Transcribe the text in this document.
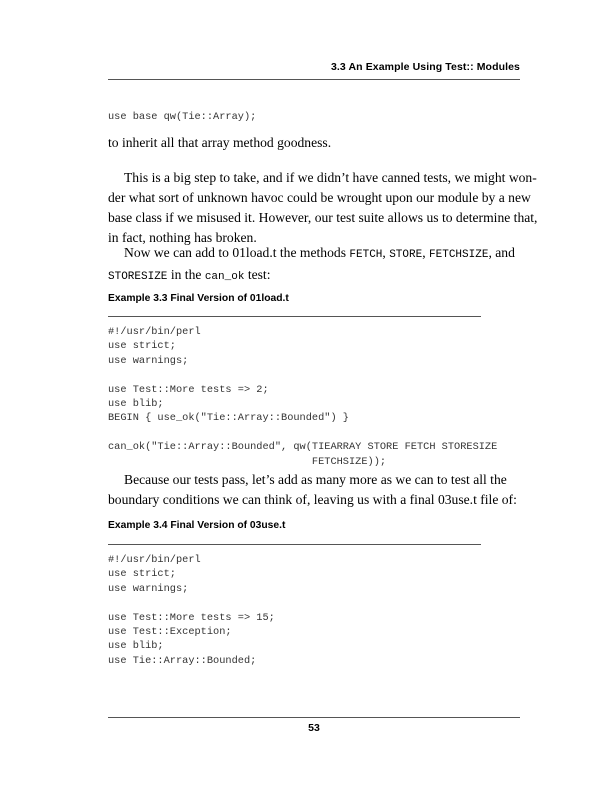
3.3 An Example Using Test:: Modules
use base qw(Tie::Array);

to inherit all that array method goodness.

This is a big step to take, and if we didn’t have canned tests, we might won-
der what sort of unknown havoc could be wrought upon our module by a new
base class if we misused it. However, our test suite allows us to determine that,
in fact, nothing has broken.

Now we can add to 01load.t the methods FETCH, STORE, FETCHSIZE, and
STORESIZE in the can_ok test:

Example 3.3 Final Version of 01load.t
#!/usr/bin/perl
use strict;
use warnings;

use Test::More tests => 2;
use blib;
BEGIN { use_ok("Tie::Array::Bounded") }

can_ok("Tie::Array::Bounded", qw(TIEARRAY STORE FETCH STORESIZE
FETCHSIZE));

Because our tests pass, let’s add as many more as we can to test all the
boundary conditions we can think of, leaving us with a final 03use.t file of:

Example 3.4 Final Version of 03use.t
#!/usr/bin/perl
use strict;
use warnings;

use Test::More tests => 15;
use Test::Exception;
use blib;
use Tie::Array::Bounded;
53
